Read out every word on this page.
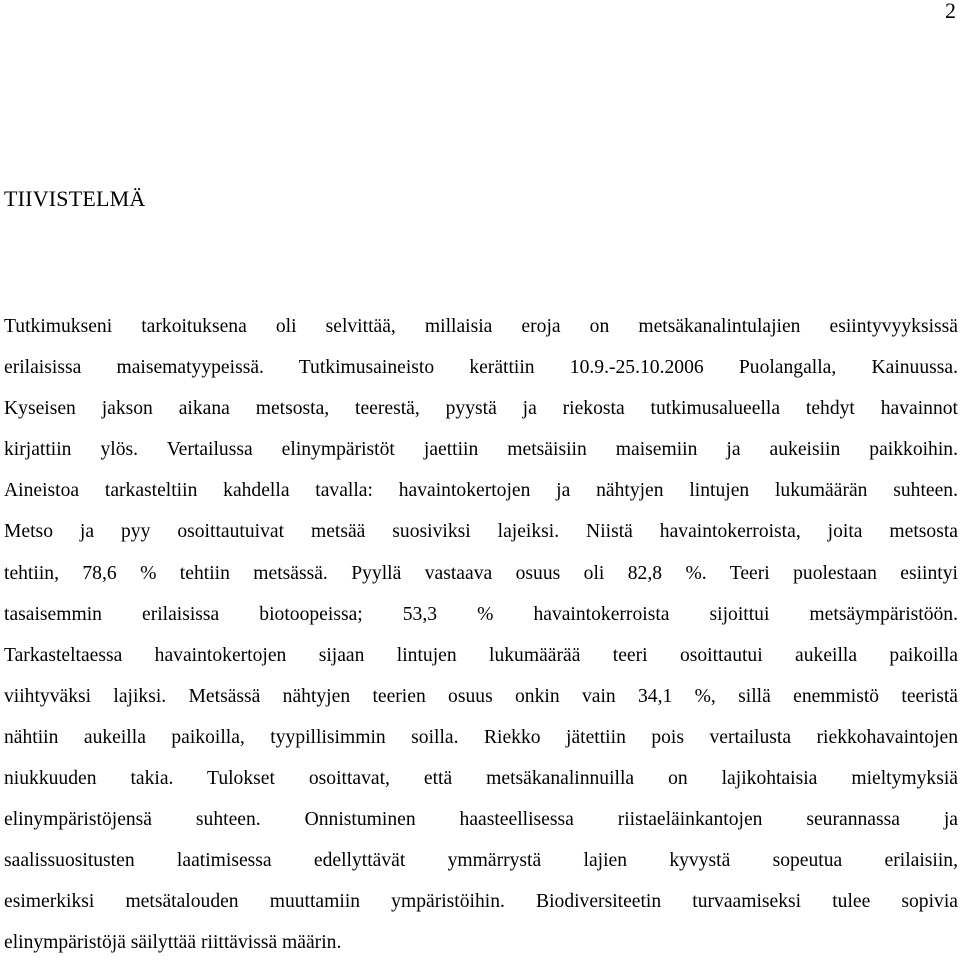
2
TIIVISTELMÄ
Tutkimukseni tarkoituksena oli selvittää, millaisia eroja on metsäkanalintulajien esiintyvyyksissä
erilaisissa maisematyypeissä. Tutkimusaineisto kerättiin 10.9.-25.10.2006 Puolangalla, Kainuussa.
Kyseisen jakson aikana metsosta, teerestä, pyystä ja riekosta tutkimusalueella tehdyt havainnot
kirjattiin ylös. Vertailussa elinympäristöt jaettiin metsäisiin maisemiin ja aukeisiin paikkoihin.
Aineistoa tarkasteltiin kahdella tavalla: havaintokertojen ja nähtyjen lintujen lukumäärän suhteen.
Metso ja pyy osoittautuivat metsää suosiviksi lajeiksi. Niistä havaintokerroista, joita metsosta
tehtiin, 78,6 % tehtiin metsässä. Pyyllä vastaava osuus oli 82,8 %. Teeri puolestaan esiintyi
tasaisemmin erilaisissa biotoopeissa; 53,3 % havaintokerroista sijoittui metsäympäristöön.
Tarkasteltaessa havaintokertojen sijaan lintujen lukumäärää teeri osoittautui aukeilla paikoilla
viihtyväksi lajiksi. Metsässä nähtyjen teerien osuus onkin vain 34,1 %, sillä enemmistö teeristä
nähtiin aukeilla paikoilla, tyypillisimmin soilla. Riekko jätettiin pois vertailusta riekkohavaintojen
niukkuuden takia. Tulokset osoittavat, että metsäkanalinnuilla on lajikohtaisia mieltymyksiä
elinympäristöjensä suhteen. Onnistuminen haasteellisessa riistaeläinkantojen seurannassa ja
saalissuositusten laatimisessa edellyttävät ymmärrystä lajien kyvystä sopeutua erilaisiin,
esimerkiksi metsätalouden muuttamiin ympäristöihin. Biodiversiteetin turvaamiseksi tulee sopivia
elinympäristöjä säilyttää riittävissä määrin.
